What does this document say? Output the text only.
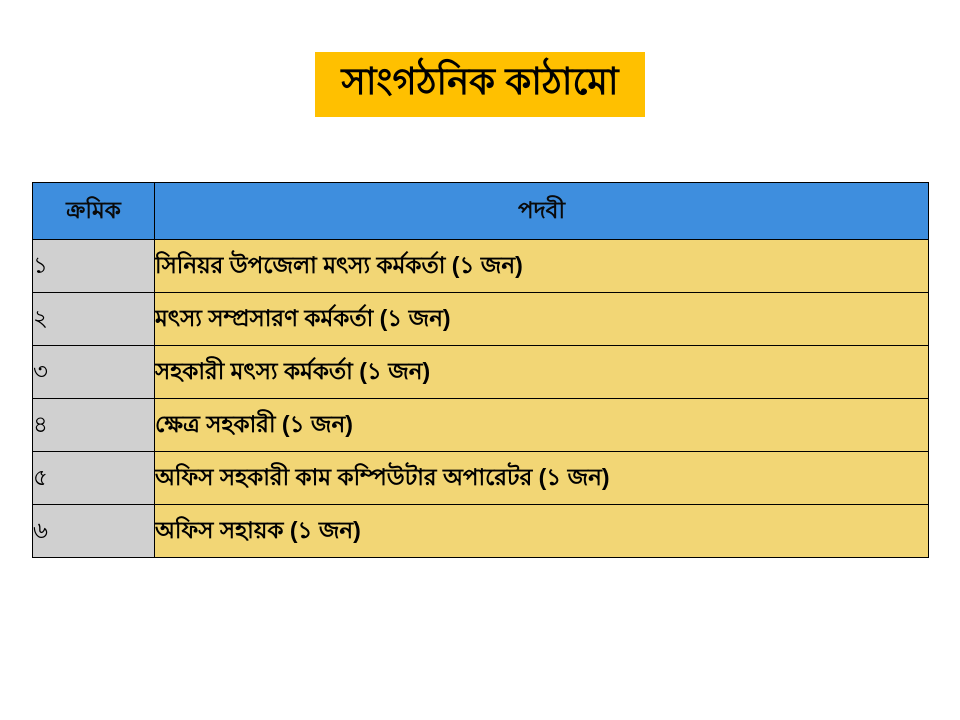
সাংগঠনিক কাঠামো
ক্রমিক	পদবী
১	সিনিয়র উপজেলা মৎস্য কর্মকর্তা (১ জন)
২	মৎস্য সম্প্রসারণ কর্মকর্তা (১ জন)
৩	সহকারী মৎস্য কর্মকর্তা (১ জন)
৪	ক্ষেত্র সহকারী (১ জন)
৫	অফিস সহকারী কাম কম্পিউটার অপারেটর (১ জন)
৬	অফিস সহায়ক (১ জন)
